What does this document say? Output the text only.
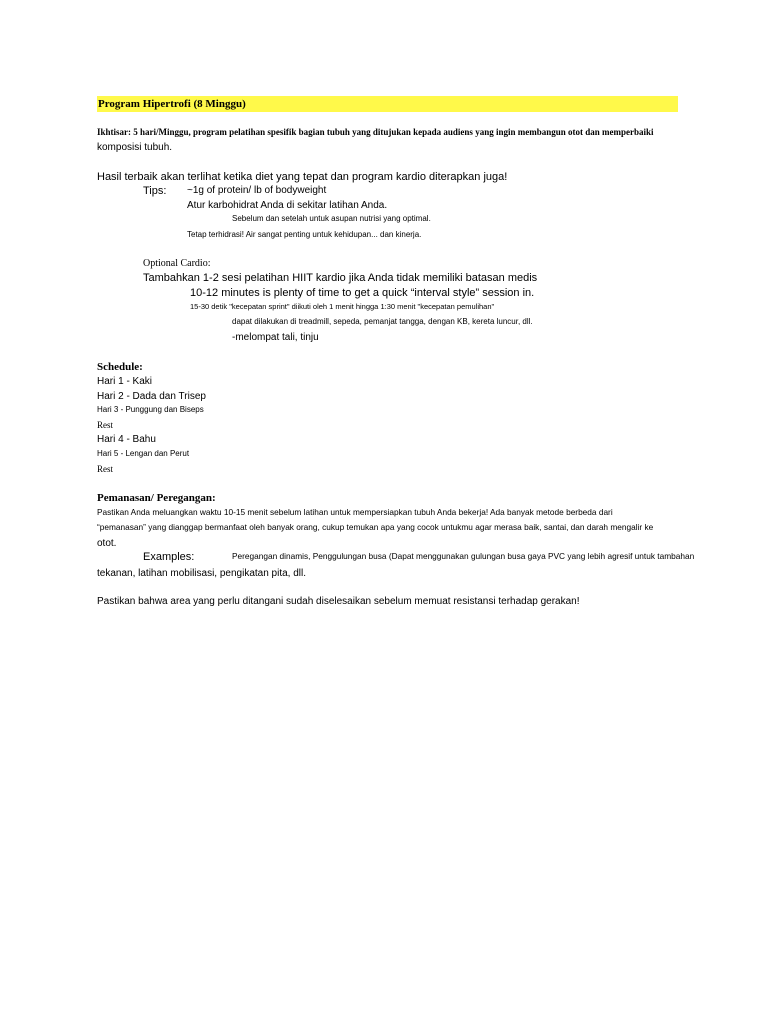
Program Hipertrofi (8 Minggu)
Ikhtisar: 5 hari/Minggu, program pelatihan spesifik bagian tubuh yang ditujukan kepada audiens yang ingin membangun otot dan memperbaiki
komposisi tubuh.
Hasil terbaik akan terlihat ketika diet yang tepat dan program kardio diterapkan juga!
Tips: ~1g of protein/ lb of bodyweight
Atur karbohidrat Anda di sekitar latihan Anda.
Sebelum dan setelah untuk asupan nutrisi yang optimal.
Tetap terhidrasi! Air sangat penting untuk kehidupan... dan kinerja.
Optional Cardio:
Tambahkan 1-2 sesi pelatihan HIIT kardio jika Anda tidak memiliki batasan medis
10-12 minutes is plenty of time to get a quick “interval style” session in.
15-30 detik "kecepatan sprint" diikuti oleh 1 menit hingga 1:30 menit "kecepatan pemulihan"
dapat dilakukan di treadmill, sepeda, pemanjat tangga, dengan KB, kereta luncur, dll.
-melompat tali, tinju
Schedule:
Hari 1 - Kaki
Hari 2 - Dada dan Trisep
Hari 3 - Punggung dan Biseps
Rest
Hari 4 - Bahu
Hari 5 - Lengan dan Perut
Rest
Pemanasan/ Peregangan:
Pastikan Anda meluangkan waktu 10-15 menit sebelum latihan untuk mempersiapkan tubuh Anda bekerja! Ada banyak metode berbeda dari
“pemanasan” yang dianggap bermanfaat oleh banyak orang, cukup temukan apa yang cocok untukmu agar merasa baik, santai, dan darah mengalir ke
otot.
Examples:	Peregangan dinamis, Penggulungan busa (Dapat menggunakan gulungan busa gaya PVC yang lebih agresif untuk tambahan
tekanan, latihan mobilisasi, pengikatan pita, dll.
Pastikan bahwa area yang perlu ditangani sudah diselesaikan sebelum memuat resistansi terhadap gerakan!
